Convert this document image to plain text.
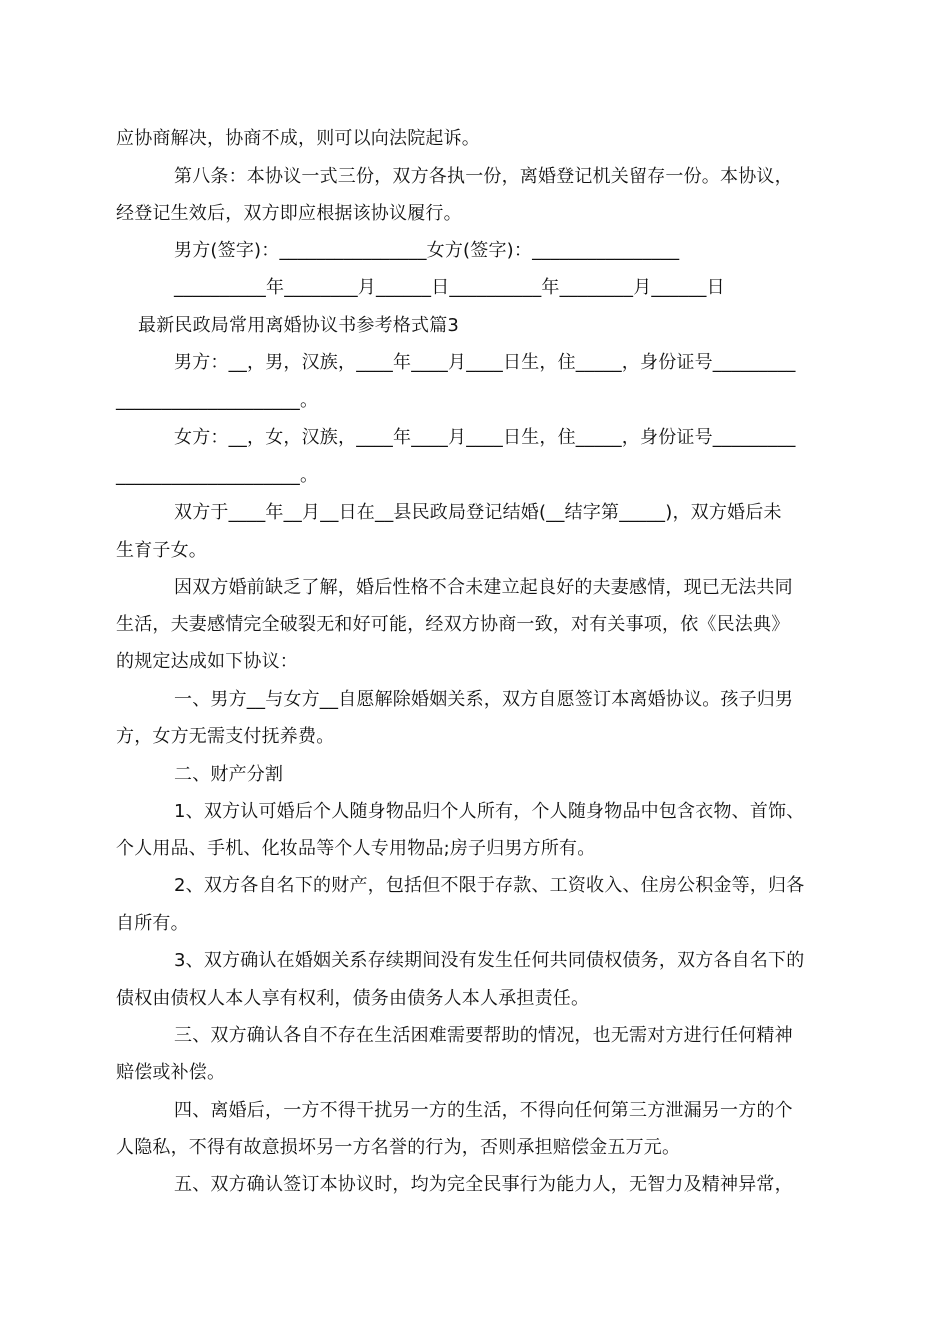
应协商解决，协商不成，则可以向法院起诉。
第八条：本协议一式三份，双方各执一份，离婚登记机关留存一份。本协议，
经登记生效后，双方即应根据该协议履行。
男方(签字)：________________女方(签字)：________________
__________年________月______日__________年________月______日
最新民政局常用离婚协议书参考格式篇3
男方：__，男，汉族，____年____月____日生，住_____，身份证号_________
____________________。
女方：__，女，汉族，____年____月____日生，住_____，身份证号_________
____________________。
双方于____年__月__日在__县民政局登记结婚(__结字第_____)，双方婚后未
生育子女。
因双方婚前缺乏了解，婚后性格不合未建立起良好的夫妻感情，现已无法共同
生活，夫妻感情完全破裂无和好可能，经双方协商一致，对有关事项，依《民法典》
的规定达成如下协议：
一、男方__与女方__自愿解除婚姻关系，双方自愿签订本离婚协议。孩子归男
方，女方无需支付抚养费。
二、财产分割
1、双方认可婚后个人随身物品归个人所有，个人随身物品中包含衣物、首饰、
个人用品、手机、化妆品等个人专用物品;房子归男方所有。
2、双方各自名下的财产，包括但不限于存款、工资收入、住房公积金等，归各
自所有。
3、双方确认在婚姻关系存续期间没有发生任何共同债权债务，双方各自名下的
债权由债权人本人享有权利，债务由债务人本人承担责任。
三、双方确认各自不存在生活困难需要帮助的情况，也无需对方进行任何精神
赔偿或补偿。
四、离婚后，一方不得干扰另一方的生活，不得向任何第三方泄漏另一方的个
人隐私，不得有故意损坏另一方名誉的行为，否则承担赔偿金五万元。
五、双方确认签订本协议时，均为完全民事行为能力人，无智力及精神异常，
